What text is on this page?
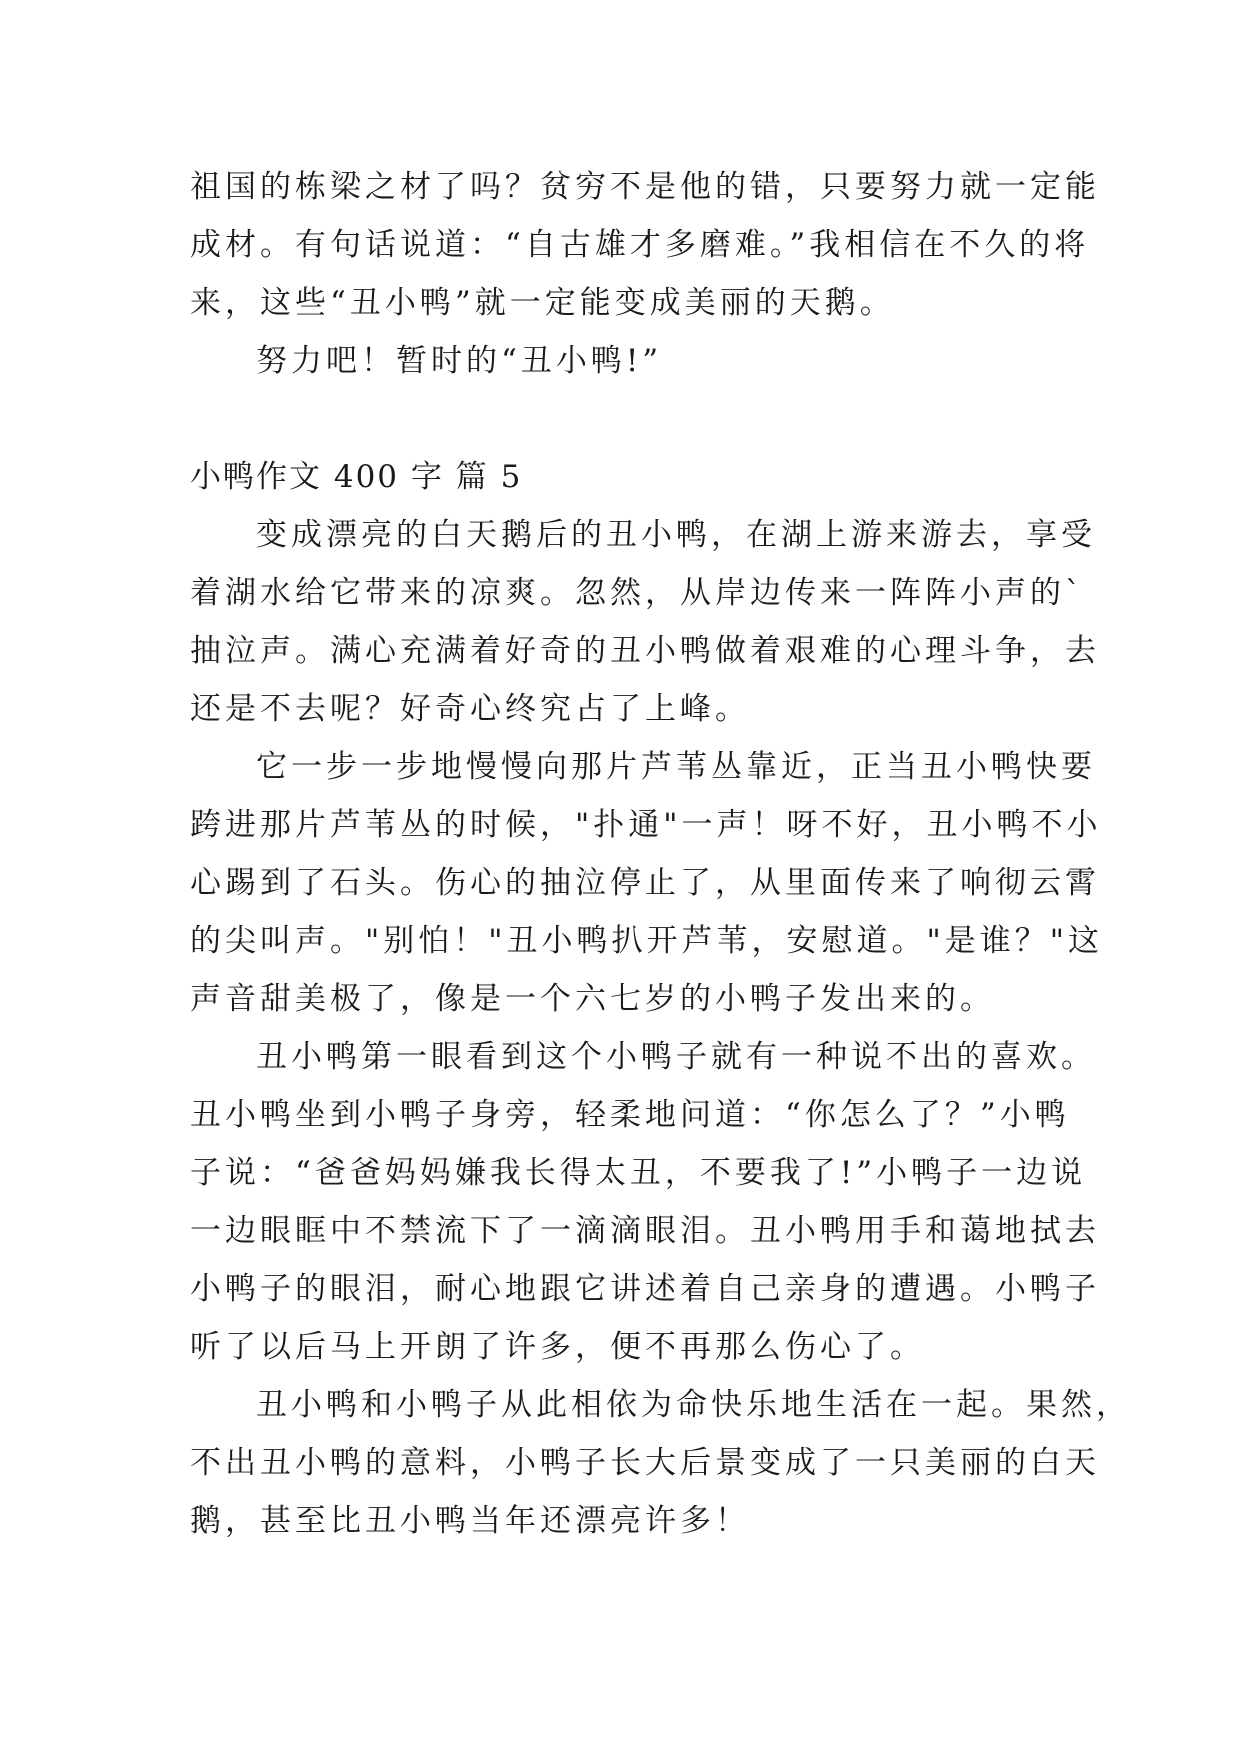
祖国的栋梁之材了吗？贫穷不是他的错，只要努力就一定能
成材。有句话说道：“自古雄才多磨难。”我相信在不久的将
来，这些“丑小鸭”就一定能变成美丽的天鹅。
努力吧！暂时的“丑小鸭!”
小鸭作文 400 字 篇 5
变成漂亮的白天鹅后的丑小鸭，在湖上游来游去，享受
着湖水给它带来的凉爽。忽然，从岸边传来一阵阵小声的`
抽泣声。满心充满着好奇的丑小鸭做着艰难的心理斗争，去
还是不去呢？好奇心终究占了上峰。
它一步一步地慢慢向那片芦苇丛靠近，正当丑小鸭快要
跨进那片芦苇丛的时候，"扑通"一声！呀不好，丑小鸭不小
心踢到了石头。伤心的抽泣停止了，从里面传来了响彻云霄
的尖叫声。"别怕！"丑小鸭扒开芦苇，安慰道。"是谁？"这
声音甜美极了，像是一个六七岁的小鸭子发出来的。
丑小鸭第一眼看到这个小鸭子就有一种说不出的喜欢。
丑小鸭坐到小鸭子身旁，轻柔地问道：“你怎么了？”小鸭
子说：“爸爸妈妈嫌我长得太丑，不要我了!”小鸭子一边说
一边眼眶中不禁流下了一滴滴眼泪。丑小鸭用手和蔼地拭去
小鸭子的眼泪，耐心地跟它讲述着自己亲身的遭遇。小鸭子
听了以后马上开朗了许多，便不再那么伤心了。
丑小鸭和小鸭子从此相依为命快乐地生活在一起。果然，
不出丑小鸭的意料，小鸭子长大后景变成了一只美丽的白天
鹅，甚至比丑小鸭当年还漂亮许多！
